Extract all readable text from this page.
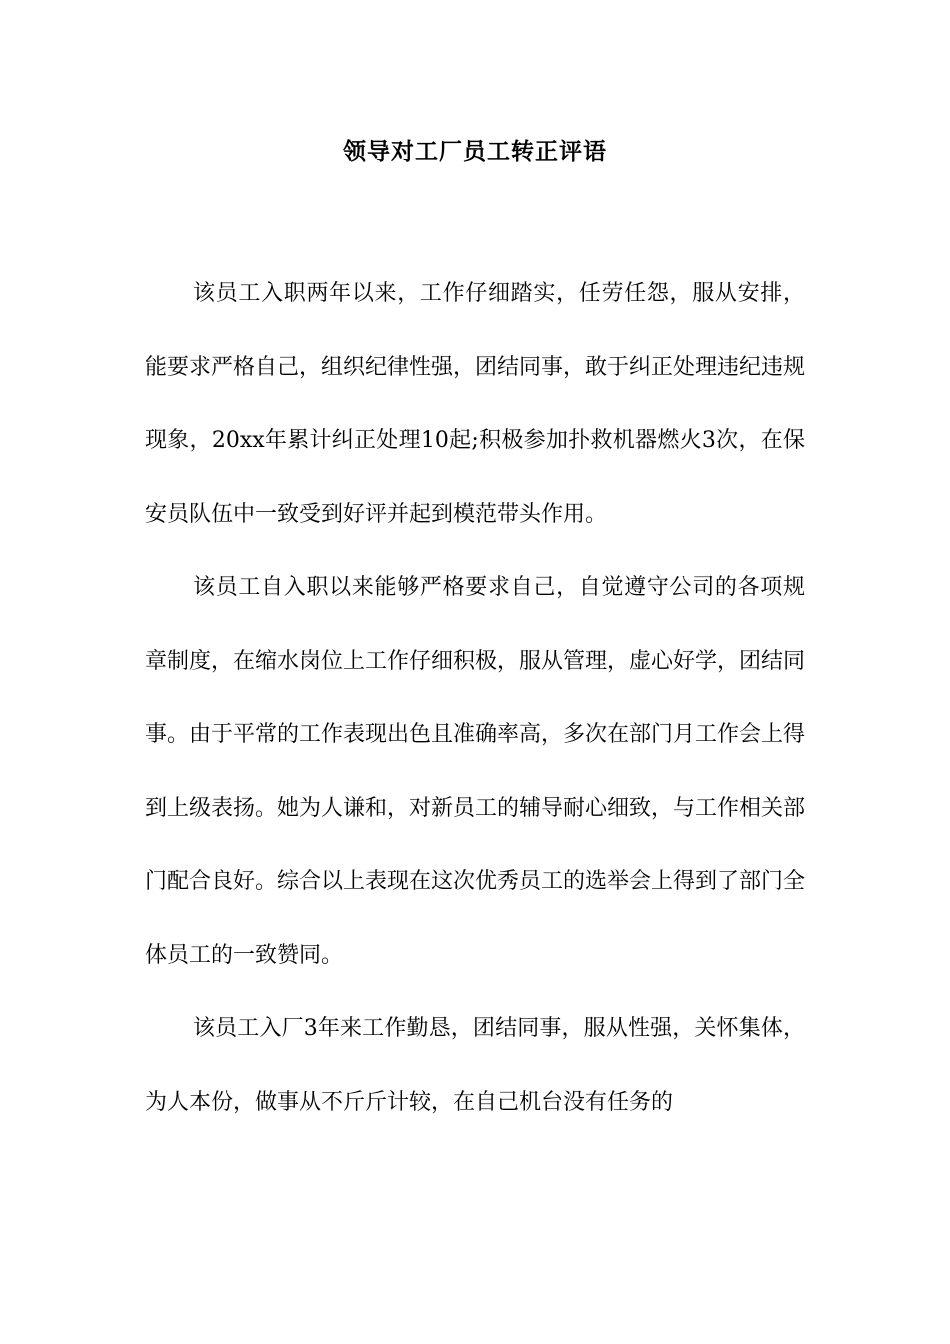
领导对工厂员工转正评语

该员工入职两年以来，工作仔细踏实，任劳任怨，服从安排，能要求严格自己，组织纪律性强，团结同事，敢于纠正处理违纪违规现象，20xx年累计纠正处理10起;积极参加扑救机器燃火3次，在保安员队伍中一致受到好评并起到模范带头作用。

该员工自入职以来能够严格要求自己，自觉遵守公司的各项规章制度，在缩水岗位上工作仔细积极，服从管理，虚心好学，团结同事。由于平常的工作表现出色且准确率高，多次在部门月工作会上得到上级表扬。她为人谦和，对新员工的辅导耐心细致，与工作相关部门配合良好。综合以上表现在这次优秀员工的选举会上得到了部门全体员工的一致赞同。

该员工入厂3年来工作勤恳，团结同事，服从性强，关怀集体，为人本份，做事从不斤斤计较，在自己机台没有任务的
